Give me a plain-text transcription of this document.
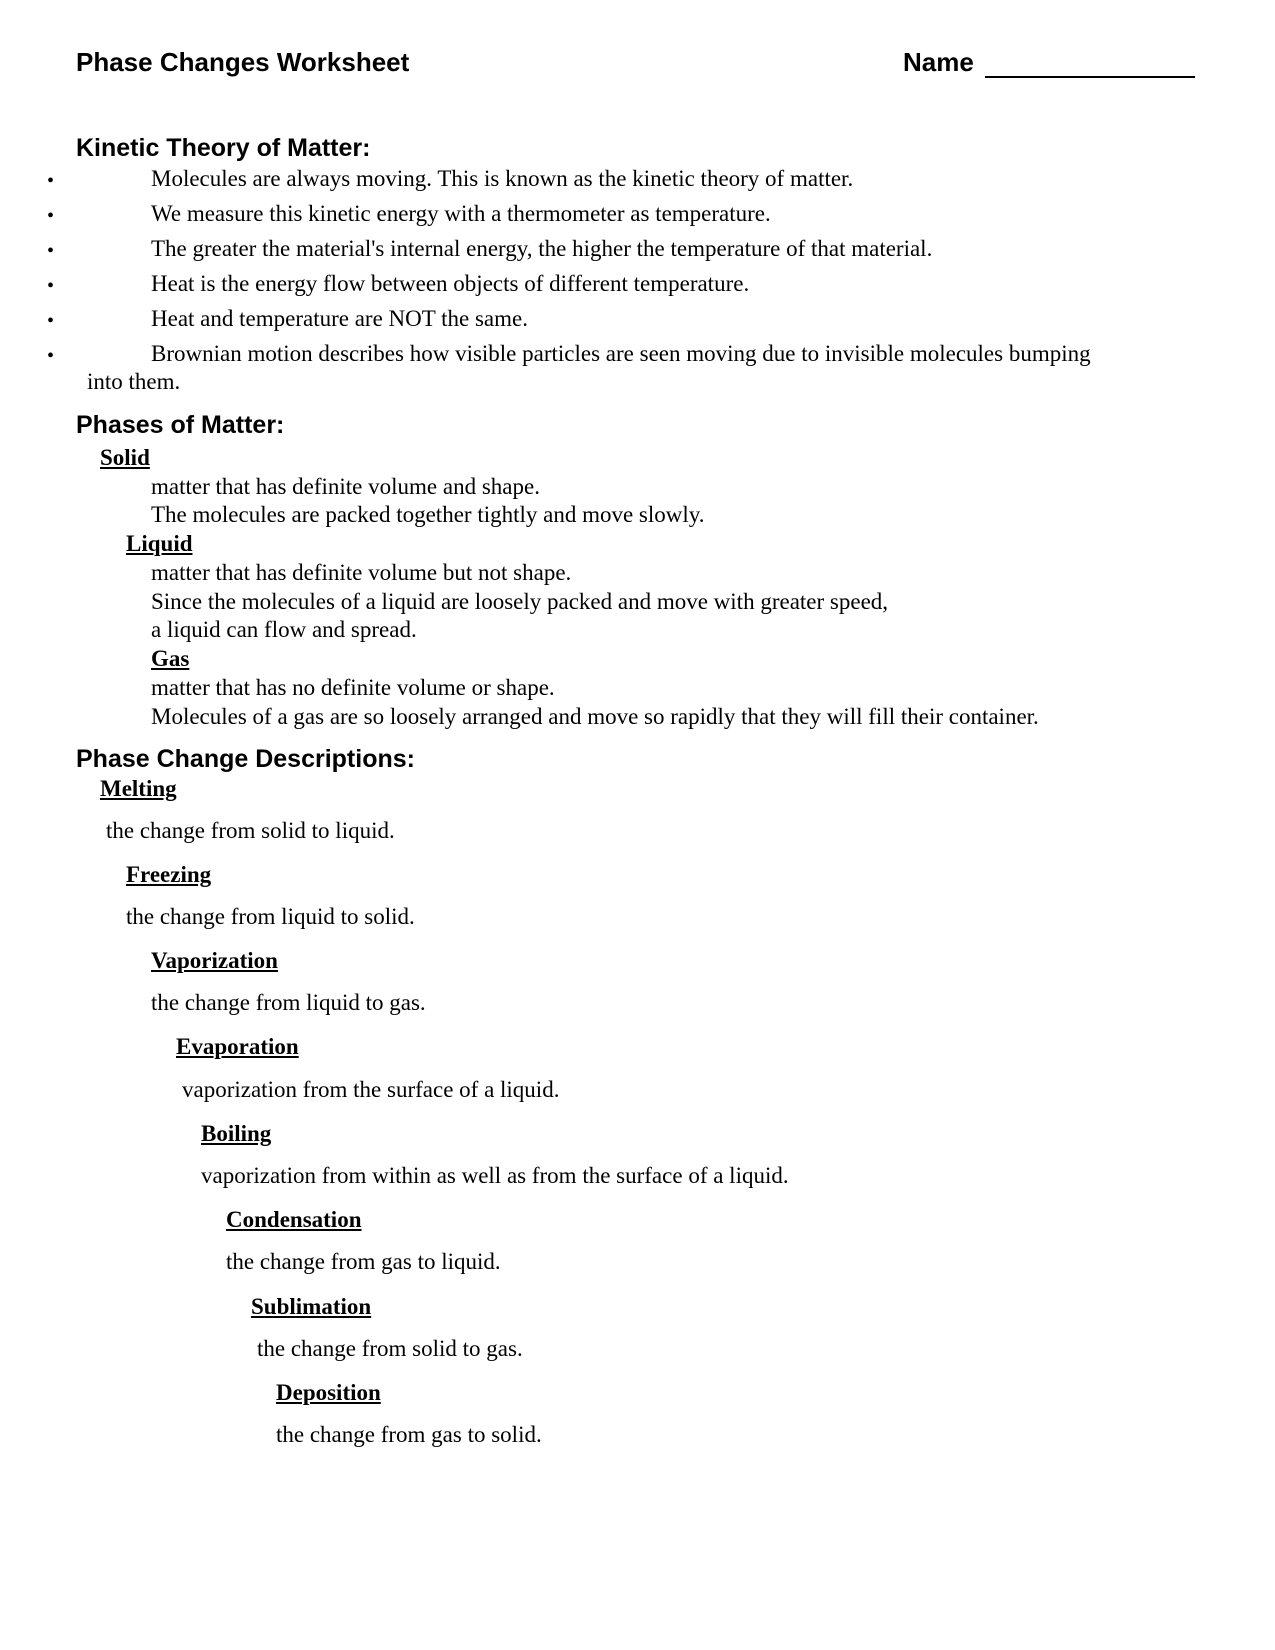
Phase Changes Worksheet	Name
Kinetic Theory of Matter:
•	Molecules are always moving. This is known as the kinetic theory of matter.
•	We measure this kinetic energy with a thermometer as temperature.
•	The greater the material's internal energy, the higher the temperature of that material.
•	Heat is the energy flow between objects of different temperature.
•	Heat and temperature are NOT the same.
•	Brownian motion describes how visible particles are seen moving due to invisible molecules bumping
into them.
Phases of Matter:
Solid
matter that has definite volume and shape.
The molecules are packed together tightly and move slowly.
Liquid
matter that has definite volume but not shape.
Since the molecules of a liquid are loosely packed and move with greater speed,
a liquid can flow and spread.
Gas
matter that has no definite volume or shape.
Molecules of a gas are so loosely arranged and move so rapidly that they will fill their container.
Phase Change Descriptions:
Melting
the change from solid to liquid.
Freezing
the change from liquid to solid.
Vaporization
the change from liquid to gas.
Evaporation
vaporization from the surface of a liquid.
Boiling
vaporization from within as well as from the surface of a liquid.
Condensation
the change from gas to liquid.
Sublimation
the change from solid to gas.
Deposition
the change from gas to solid.
